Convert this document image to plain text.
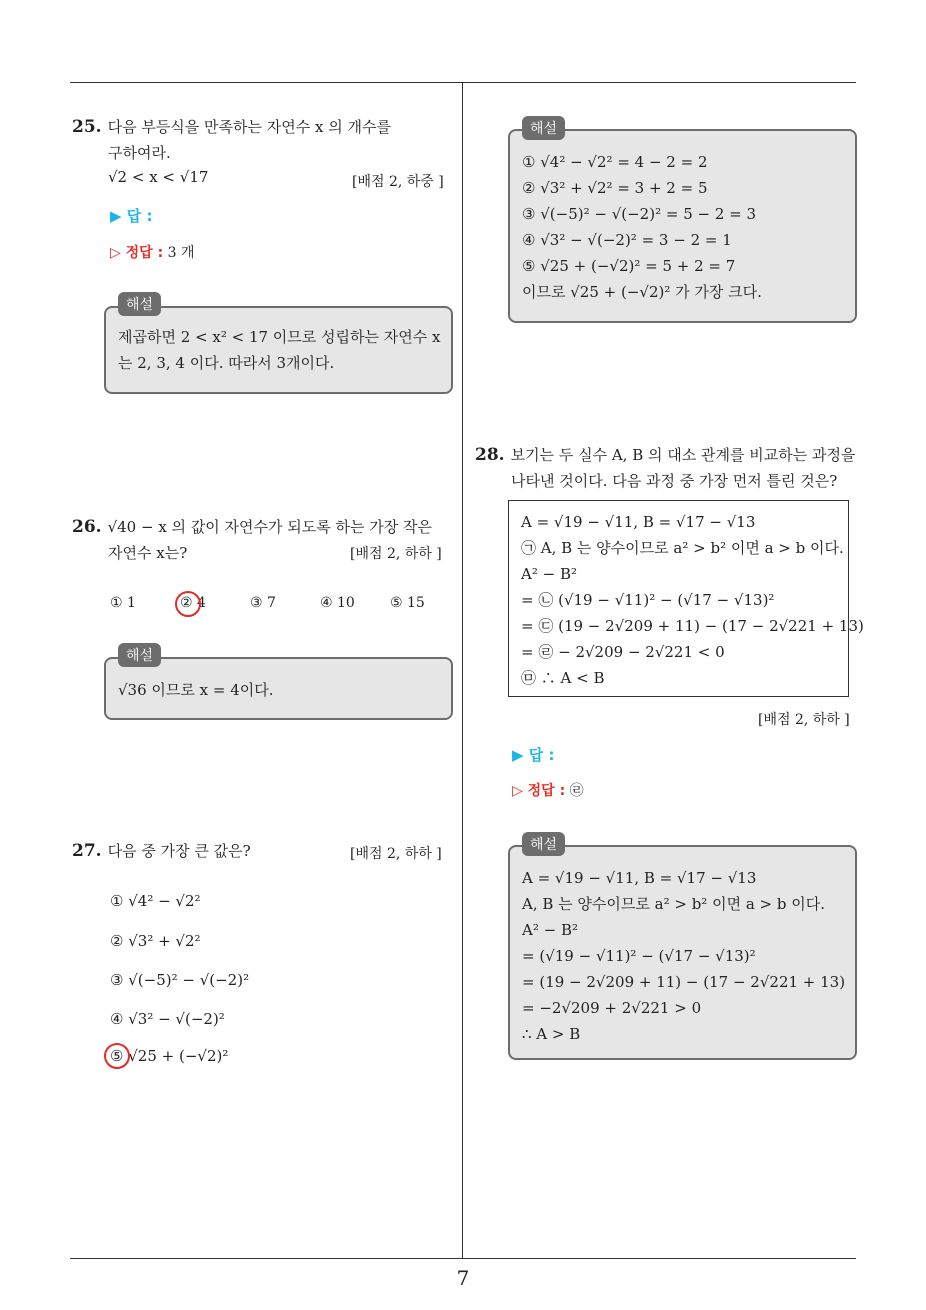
7
25. 다음 부등식을 만족하는 자연수 x 의 개수를
구하여라.
√2 < x < √17	[배점 2, 하중 ]
▶ 답 :
▷ 정답 : 3 개
제곱하면 2 < x² < 17 이므로 성립하는 자연수 x
는 2, 3, 4 이다. 따라서 3개이다.
해설
26. √40 − x 의 값이 자연수가 되도록 하는 가장 작은
자연수 x는?	[배점 2, 하하 ]
① 1	② 4	③ 7	④ 10	⑤ 15
√36 이므로 x = 4이다.
해설
27. 다음 중 가장 큰 값은?	[배점 2, 하하 ]
① √4² − √2²
② √3² + √2²
③ √(−5)² − √(−2)²
④ √3² − √(−2)²
⑤ √25 + (−√2)²
① √4² − √2² = 4 − 2 = 2
② √3² + √2² = 3 + 2 = 5
③ √(−5)² − √(−2)² = 5 − 2 = 3
④ √3² − √(−2)² = 3 − 2 = 1
⑤ √25 + (−√2)² = 5 + 2 = 7
이므로 √25 + (−√2)² 가 가장 크다.
해설
28. 보기는 두 실수 A, B 의 대소 관계를 비교하는 과정을
나타낸 것이다. 다음 과정 중 가장 먼저 틀린 것은?
A = √19 − √11, B = √17 − √13
㉠ A, B 는 양수이므로 a² > b² 이면 a > b 이다.
A² − B²
= ㉡ (√19 − √11)² − (√17 − √13)²
= ㉢ (19 − 2√209 + 11) − (17 − 2√221 + 13)
= ㉣ − 2√209 − 2√221 < 0
㉤ ∴ A < B
[배점 2, 하하 ]
▶ 답 :
▷ 정답 : ㉣
A = √19 − √11, B = √17 − √13
A, B 는 양수이므로 a² > b² 이면 a > b 이다.
A² − B²
= (√19 − √11)² − (√17 − √13)²
= (19 − 2√209 + 11) − (17 − 2√221 + 13)
= −2√209 + 2√221 > 0
∴ A > B
해설
